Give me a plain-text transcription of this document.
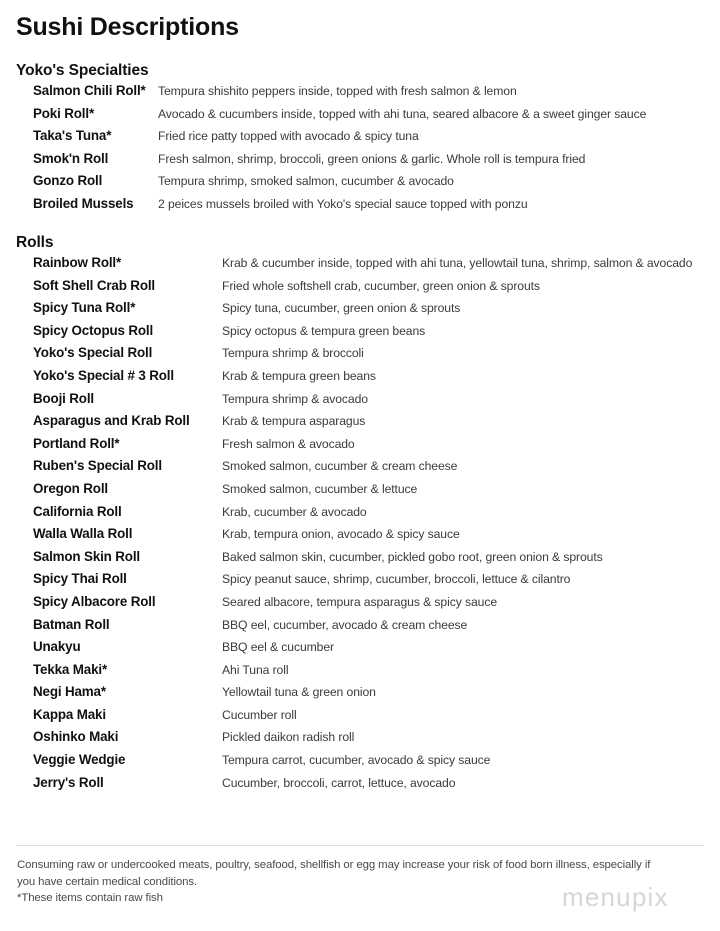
Sushi Descriptions
Yoko's Specialties
Salmon Chili Roll* Tempura shishito peppers inside, topped with fresh salmon & lemon
Poki Roll*	Avocado & cucumbers inside, topped with ahi tuna, seared albacore & a sweet ginger sauce
Taka's Tuna*	Fried rice patty topped with avocado & spicy tuna
Smok'n Roll	Fresh salmon, shrimp, broccoli, green onions & garlic. Whole roll is tempura fried
Gonzo Roll	Tempura shrimp, smoked salmon, cucumber & avocado
Broiled Mussels 2 peices mussels broiled with Yoko's special sauce topped with ponzu
Rolls
Rainbow Roll*	Krab & cucumber inside, topped with ahi tuna, yellowtail tuna, shrimp, salmon & avocado
Soft Shell Crab Roll	Fried whole softshell crab, cucumber, green onion & sprouts
Spicy Tuna Roll*	Spicy tuna, cucumber, green onion & sprouts
Spicy Octopus Roll	Spicy octopus & tempura green beans
Yoko's Special Roll	Tempura shrimp & broccoli
Yoko's Special # 3 Roll	Krab & tempura green beans
Booji Roll	Tempura shrimp & avocado
Asparagus and Krab Roll	Krab & tempura asparagus
Portland Roll*	Fresh salmon & avocado
Ruben's Special Roll	Smoked salmon, cucumber & cream cheese
Oregon Roll	Smoked salmon, cucumber & lettuce
California Roll	Krab, cucumber & avocado
Walla Walla Roll	Krab, tempura onion, avocado & spicy sauce
Salmon Skin Roll	Baked salmon skin, cucumber, pickled gobo root, green onion & sprouts
Spicy Thai Roll	Spicy peanut sauce, shrimp, cucumber, broccoli, lettuce & cilantro
Spicy Albacore Roll	Seared albacore, tempura asparagus & spicy sauce
Batman Roll	BBQ eel, cucumber, avocado & cream cheese
Unakyu	BBQ eel & cucumber
Tekka Maki*	Ahi Tuna roll
Negi Hama*	Yellowtail tuna & green onion
Kappa Maki	Cucumber roll
Oshinko Maki	Pickled daikon radish roll
Veggie Wedgie	Tempura carrot, cucumber, avocado & spicy sauce
Jerry's Roll	Cucumber, broccoli, carrot, lettuce, avocado
Consuming raw or undercooked meats, poultry, seafood, shellfish or egg may increase your risk of food born illness, especially if
you have certain medical conditions.
*These items contain raw fish	menupix
